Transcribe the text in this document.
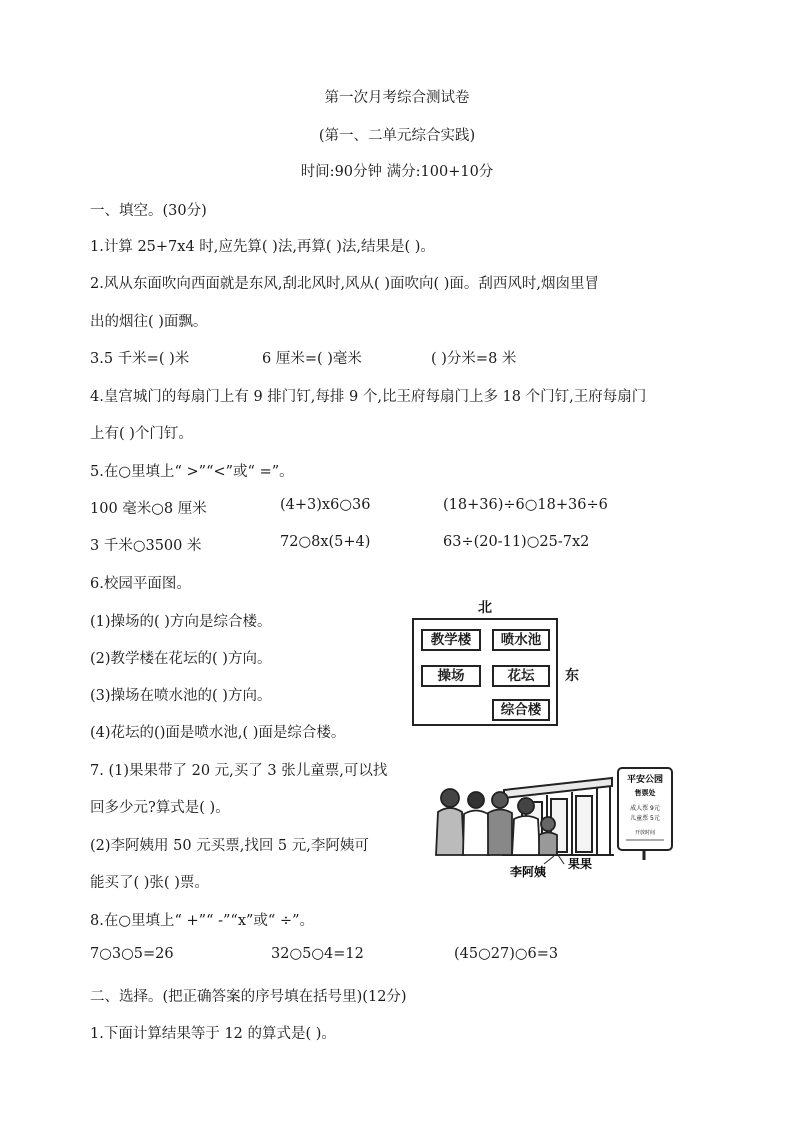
第一次月考综合测试卷
(第一、二单元综合实践)
时间:90分钟 满分:100+10分
一、填空。(30分)
1.计算 25+7x4 时,应先算( )法,再算( )法,结果是( )。
2.风从东面吹向西面就是东风,刮北风时,风从( )面吹向( )面。刮西风时,烟囱里冒
出的烟往( )面飘。
3.5 千米=( )米	6 厘米=( )毫米	( )分米=8 米
4.皇宫城门的每扇门上有 9 排门钉,每排 9 个,比王府每扇门上多 18 个门钉,王府每扇门
上有( )个门钉。
5.在○里填上“ >”“<”或“ =”。
100 毫米○8 厘米	(4+3)x6○36	(18+36)÷6○18+36÷6
3 千米○3500 米	72○8x(5+4)	63÷(20-11)○25-7x2
6.校园平面图。
(1)操场的( )方向是综合楼。
(2)教学楼在花坛的( )方向。
(3)操场在喷水池的( )方向。
(4)花坛的()面是喷水池,( )面是综合楼。
北
东
教学楼	喷水池
操场	花坛
综合楼
7. (1)果果带了 20 元,买了 3 张儿童票,可以找
回多少元?算式是( )。
(2)李阿姨用 50 元买票,找回 5 元,李阿姨可
能买了( )张( )票。
平安公园
售票处
成人票 9元
儿童票 5元
开放时间
李阿姨
果果
8.在○里填上“ +”“ -”“x”或“ ÷”。
7○3○5=26	32○5○4=12	(45○27)○6=3
二、选择。(把正确答案的序号填在括号里)(12分)
1.下面计算结果等于 12 的算式是( )。
